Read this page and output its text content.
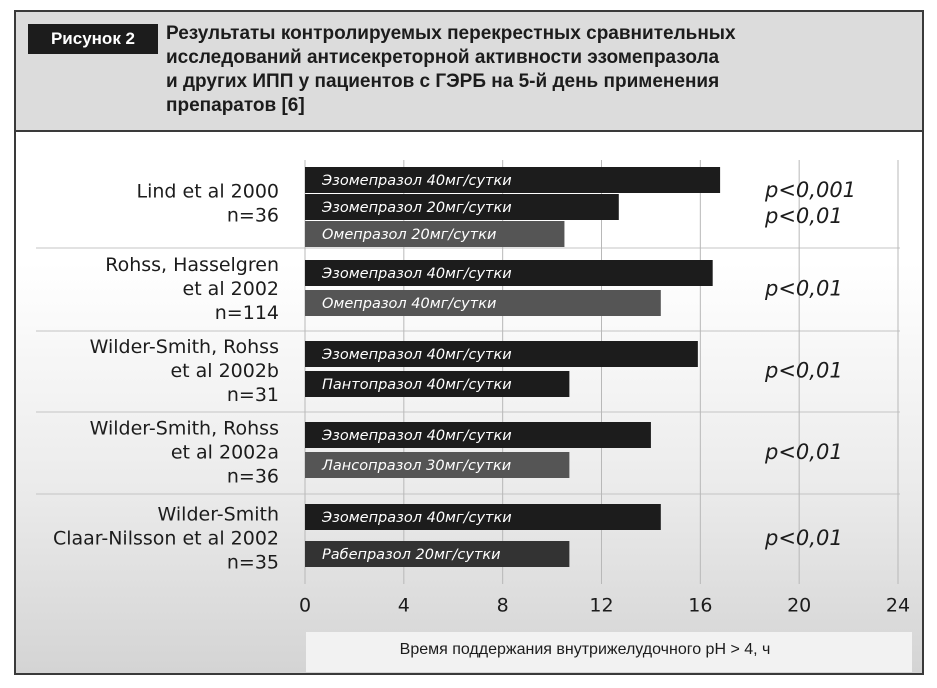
Рисунок 2	Результаты контролируемых перекрестных сравнительных
исследований антисекреторной активности эзомепразола
и других ИПП у пациентов с ГЭРБ на 5-й день применения
препаратов [6]
Lind et al 2000
n=36
Эзомепразол 40мг/сутки
Эзомепразол 20мг/сутки
Омепразол 20мг/сутки
p<0,001
p<0,01
Rohss, Hasselgren
et al 2002
n=114
Эзомепразол 40мг/сутки
Омепразол 40мг/сутки
p<0,01
Wilder-Smith, Rohss
et al 2002b
n=31
Эзомепразол 40мг/сутки
Пантопразол 40мг/сутки
p<0,01
Wilder-Smith, Rohss
et al 2002a
n=36
Эзомепразол 40мг/сутки
Лансопразол 30мг/сутки
p<0,01
Wilder-Smith
Claar-Nilsson et al 2002
n=35
Эзомепразол 40мг/сутки
Рабепразол 20мг/сутки
p<0,01
0	4	8	12	16	20	24
Время поддержания внутрижелудочного pH > 4, ч
